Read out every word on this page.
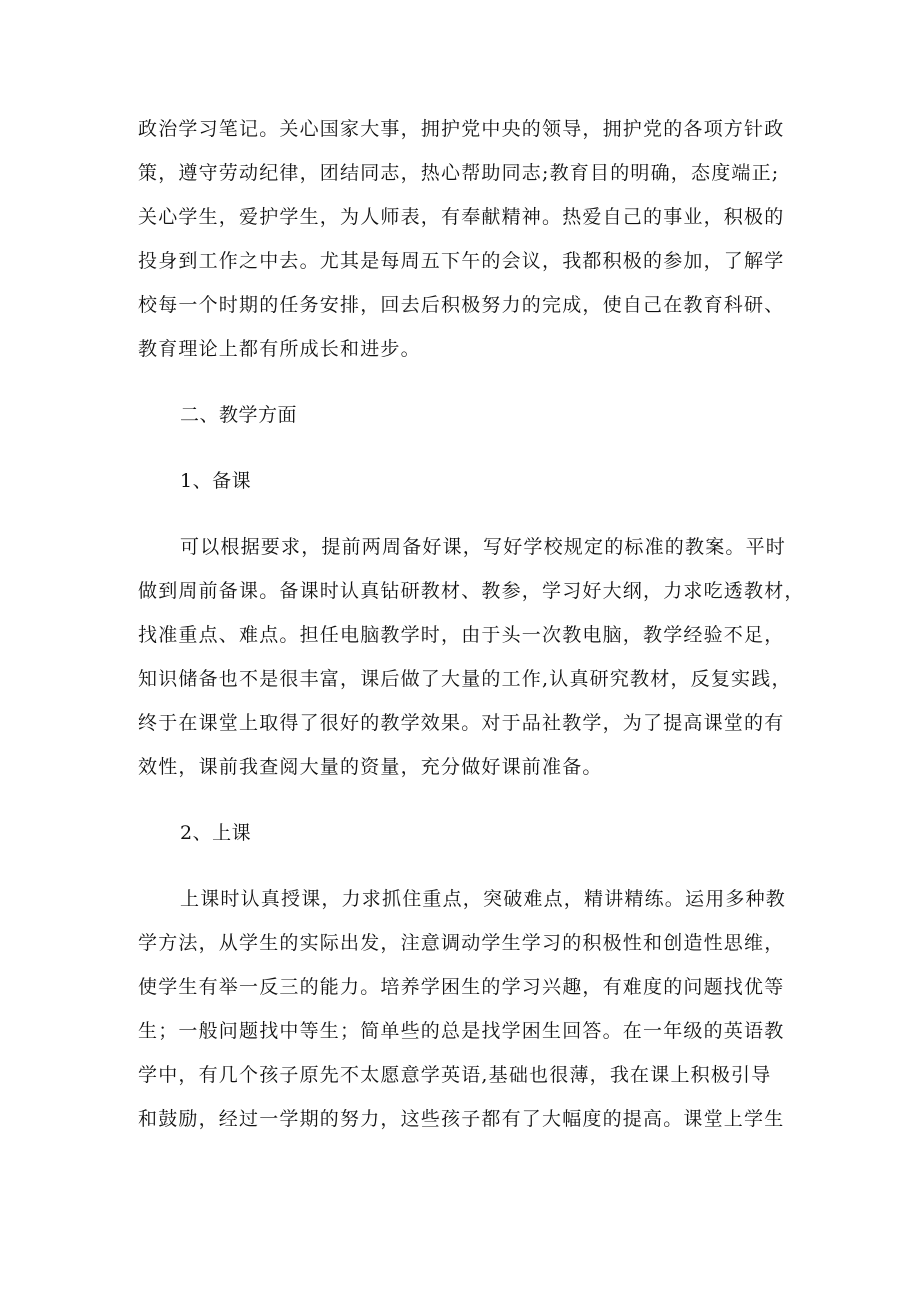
政治学习笔记。关心国家大事，拥护党中央的领导，拥护党的各项方针政
策，遵守劳动纪律，团结同志，热心帮助同志;教育目的明确，态度端正;
关心学生，爱护学生，为人师表，有奉献精神。热爱自己的事业，积极的
投身到工作之中去。尤其是每周五下午的会议，我都积极的参加，了解学
校每一个时期的任务安排，回去后积极努力的完成，使自己在教育科研、
教育理论上都有所成长和进步。
二、教学方面
1、备课
可以根据要求，提前两周备好课，写好学校规定的标准的教案。平时
做到周前备课。备课时认真钻研教材、教参，学习好大纲，力求吃透教材，
找准重点、难点。担任电脑教学时，由于头一次教电脑，教学经验不足，
知识储备也不是很丰富，课后做了大量的工作,认真研究教材，反复实践，
终于在课堂上取得了很好的教学效果。对于品社教学，为了提高课堂的有
效性，课前我查阅大量的资量，充分做好课前准备。
2、上课
上课时认真授课，力求抓住重点，突破难点，精讲精练。运用多种教
学方法，从学生的实际出发，注意调动学生学习的积极性和创造性思维，
使学生有举一反三的能力。培养学困生的学习兴趣，有难度的问题找优等
生；一般问题找中等生；简单些的总是找学困生回答。在一年级的英语教
学中，有几个孩子原先不太愿意学英语,基础也很薄，我在课上积极引导
和鼓励，经过一学期的努力，这些孩子都有了大幅度的提高。课堂上学生
